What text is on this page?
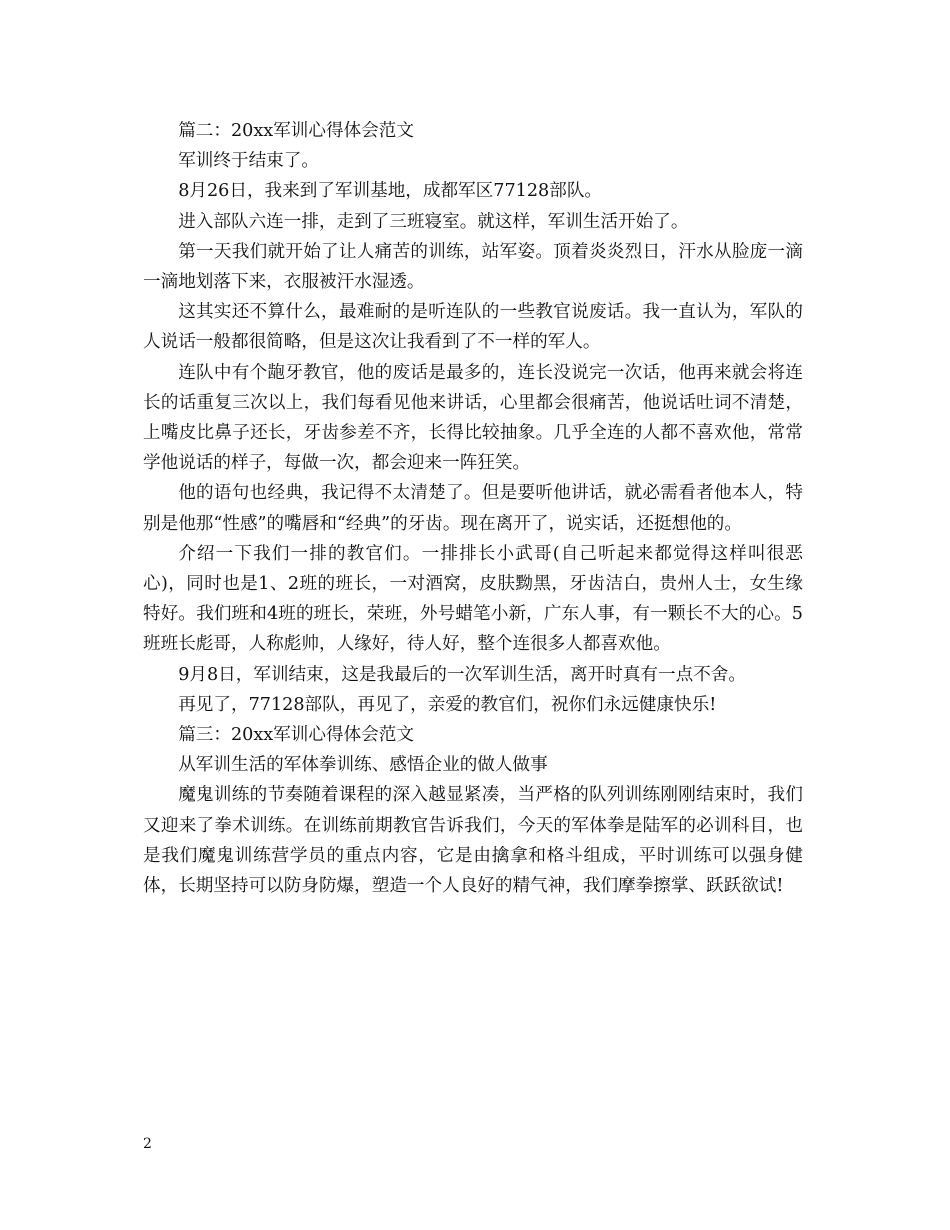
篇二：20xx军训心得体会范文

军训终于结束了。

8月26日，我来到了军训基地，成都军区77128部队。

进入部队六连一排，走到了三班寝室。就这样，军训生活开始了。

第一天我们就开始了让人痛苦的训练，站军姿。顶着炎炎烈日，汗水从脸庞一滴一滴地划落下来，衣服被汗水湿透。

这其实还不算什么，最难耐的是听连队的一些教官说废话。我一直认为，军队的人说话一般都很简略，但是这次让我看到了不一样的军人。

连队中有个龅牙教官，他的废话是最多的，连长没说完一次话，他再来就会将连长的话重复三次以上，我们每看见他来讲话，心里都会很痛苦，他说话吐词不清楚，上嘴皮比鼻子还长，牙齿参差不齐，长得比较抽象。几乎全连的人都不喜欢他，常常学他说话的样子，每做一次，都会迎来一阵狂笑。

他的语句也经典，我记得不太清楚了。但是要听他讲话，就必需看者他本人，特别是他那“性感”的嘴唇和“经典”的牙齿。现在离开了，说实话，还挺想他的。

介绍一下我们一排的教官们。一排排长小武哥(自己听起来都觉得这样叫很恶心)，同时也是1、2班的班长，一对酒窝，皮肤黝黑，牙齿洁白，贵州人士，女生缘特好。我们班和4班的班长，荣班，外号蜡笔小新，广东人事，有一颗长不大的心。5班班长彪哥，人称彪帅，人缘好，待人好，整个连很多人都喜欢他。

9月8日，军训结束，这是我最后的一次军训生活，离开时真有一点不舍。

再见了，77128部队，再见了，亲爱的教官们，祝你们永远健康快乐!

篇三：20xx军训心得体会范文

从军训生活的军体拳训练、感悟企业的做人做事

魔鬼训练的节奏随着课程的深入越显紧凑，当严格的队列训练刚刚结束时，我们又迎来了拳术训练。在训练前期教官告诉我们，今天的军体拳是陆军的必训科目，也是我们魔鬼训练营学员的重点内容，它是由擒拿和格斗组成，平时训练可以强身健体，长期坚持可以防身防爆，塑造一个人良好的精气神，我们摩拳擦掌、跃跃欲试!

2
